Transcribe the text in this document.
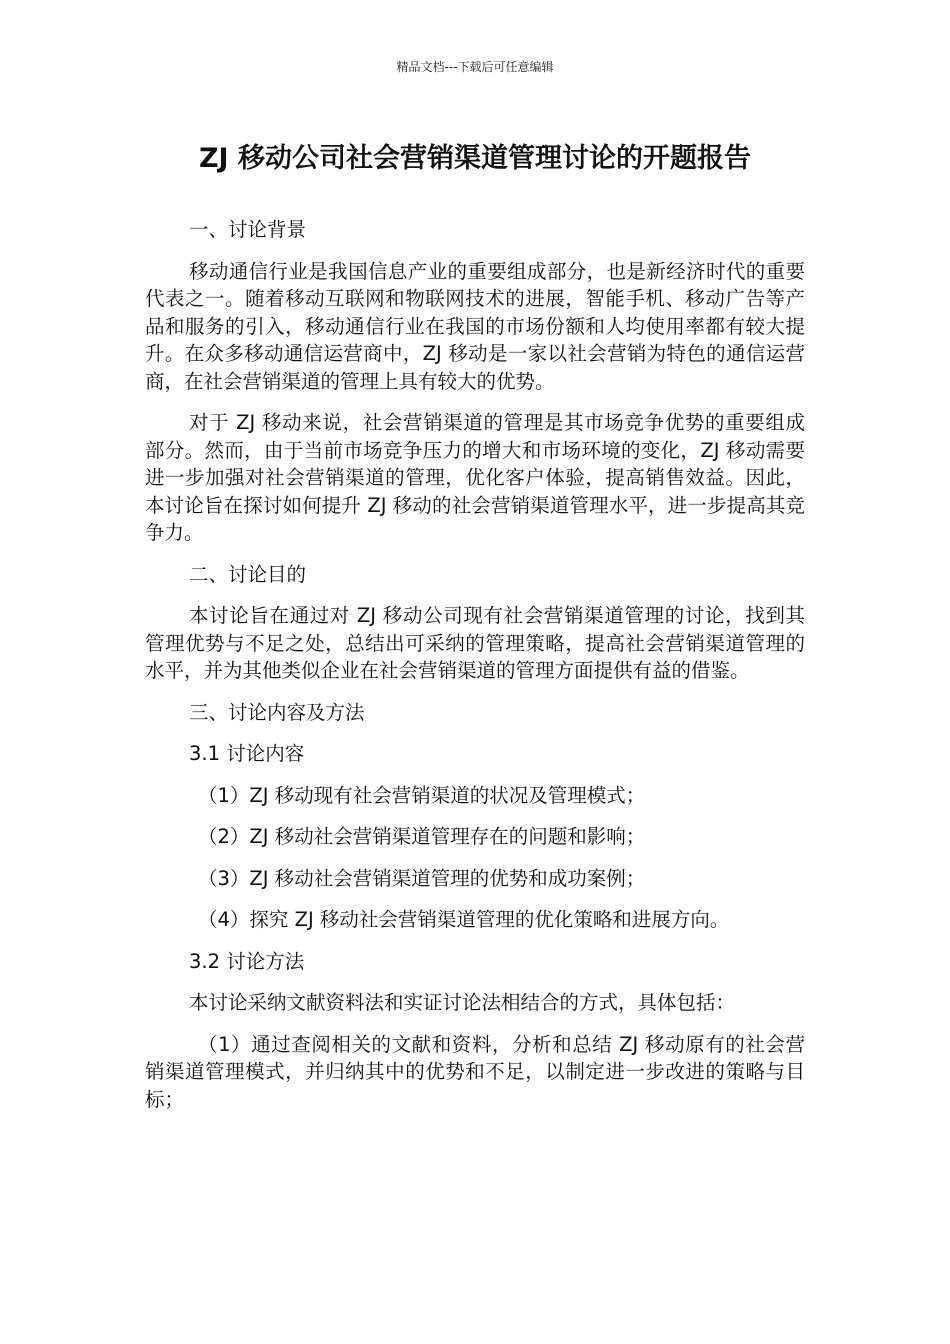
精品文档---下载后可任意编辑
ZJ 移动公司社会营销渠道管理讨论的开题报告
一、讨论背景

移动通信行业是我国信息产业的重要组成部分，也是新经济时代的重要代表之一。随着移动互联网和物联网技术的进展，智能手机、移动广告等产品和服务的引入，移动通信行业在我国的市场份额和人均使用率都有较大提升。在众多移动通信运营商中，ZJ 移动是一家以社会营销为特色的通信运营商，在社会营销渠道的管理上具有较大的优势。

对于 ZJ 移动来说，社会营销渠道的管理是其市场竞争优势的重要组成部分。然而，由于当前市场竞争压力的增大和市场环境的变化，ZJ 移动需要进一步加强对社会营销渠道的管理，优化客户体验，提高销售效益。因此，本讨论旨在探讨如何提升 ZJ 移动的社会营销渠道管理水平，进一步提高其竞争力。

二、讨论目的

本讨论旨在通过对 ZJ 移动公司现有社会营销渠道管理的讨论，找到其管理优势与不足之处，总结出可采纳的管理策略，提高社会营销渠道管理的水平，并为其他类似企业在社会营销渠道的管理方面提供有益的借鉴。

三、讨论内容及方法
3.1 讨论内容
（1）ZJ 移动现有社会营销渠道的状况及管理模式；
（2）ZJ 移动社会营销渠道管理存在的问题和影响；
（3）ZJ 移动社会营销渠道管理的优势和成功案例；
（4）探究 ZJ 移动社会营销渠道管理的优化策略和进展方向。
3.2 讨论方法

本讨论采纳文献资料法和实证讨论法相结合的方式，具体包括：

（1）通过查阅相关的文献和资料，分析和总结 ZJ 移动原有的社会营销渠道管理模式，并归纳其中的优势和不足，以制定进一步改进的策略与目标；
